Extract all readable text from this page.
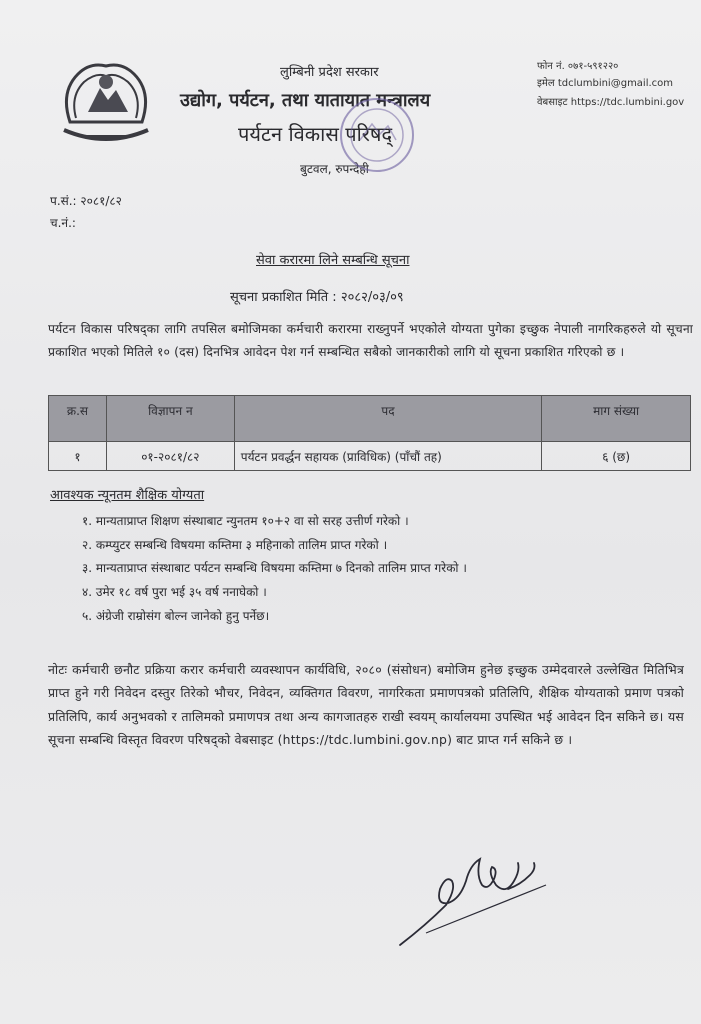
लुम्बिनी प्रदेश सरकार
उद्योग, पर्यटन, तथा यातायात मन्त्रालय
पर्यटन विकास परिषद्
बुटवल, रुपन्देही
फोन नं. ०७१-५९१२२०
इमेल tdclumbini@gmail.com
वेबसाइट https://tdc.lumbini.gov
प.सं.: २०८१/८२
च.नं.:
सेवा करारमा लिने सम्बन्धि सूचना
सूचना प्रकाशित मिति : २०८२/०३/०९
पर्यटन विकास परिषद्का लागि तपसिल बमोजिमका कर्मचारी करारमा राख्नुपर्ने भएकोले योग्यता पुगेका इच्छुक नेपाली नागरिकहरुले यो सूचना प्रकाशित भएको मितिले १० (दस) दिनभित्र आवेदन पेश गर्न सम्बन्धित सबैको जानकारीको लागि यो सूचना प्रकाशित गरिएको छ ।
क्र.स	विज्ञापन न	पद	माग संख्या
१	०१-२०८१/८२	पर्यटन प्रवर्द्धन सहायक (प्राविधिक) (पाँचौं तह)	६ (छ)
आवश्यक न्यूनतम शैक्षिक योग्यता
१. मान्यताप्राप्त शिक्षण संस्थाबाट न्युनतम १०+२ वा सो सरह उत्तीर्ण गरेको ।
२. कम्प्युटर सम्बन्धि विषयमा कम्तिमा ३ महिनाको तालिम प्राप्त गरेको ।
३. मान्यताप्राप्त संस्थाबाट पर्यटन सम्बन्धि विषयमा कम्तिमा ७ दिनको तालिम प्राप्त गरेको ।
४. उमेर १८ वर्ष पुरा भई ३५ वर्ष ननाघेको ।
५. अंग्रेजी राम्रोसंग बोल्न जानेको हुनु पर्नेछ।
नोटः कर्मचारी छनौट प्रक्रिया करार कर्मचारी व्यवस्थापन कार्यविधि, २०८० (संसोधन) बमोजिम हुनेछ इच्छुक उम्मेदवारले उल्लेखित मितिभित्र प्राप्त हुने गरी निवेदन दस्तुर तिरेको भौचर, निवेदन, व्यक्तिगत विवरण, नागरिकता प्रमाणपत्रको प्रतिलिपि, शैक्षिक योग्यताको प्रमाण पत्रको प्रतिलिपि, कार्य अनुभवको र तालिमको प्रमाणपत्र तथा अन्य कागजातहरु राखी स्वयम् कार्यालयमा उपस्थित भई आवेदन दिन सकिने छ। यस सूचना सम्बन्धि विस्तृत विवरण परिषद्को वेबसाइट (https://tdc.lumbini.gov.np) बाट प्राप्त गर्न सकिने छ ।
